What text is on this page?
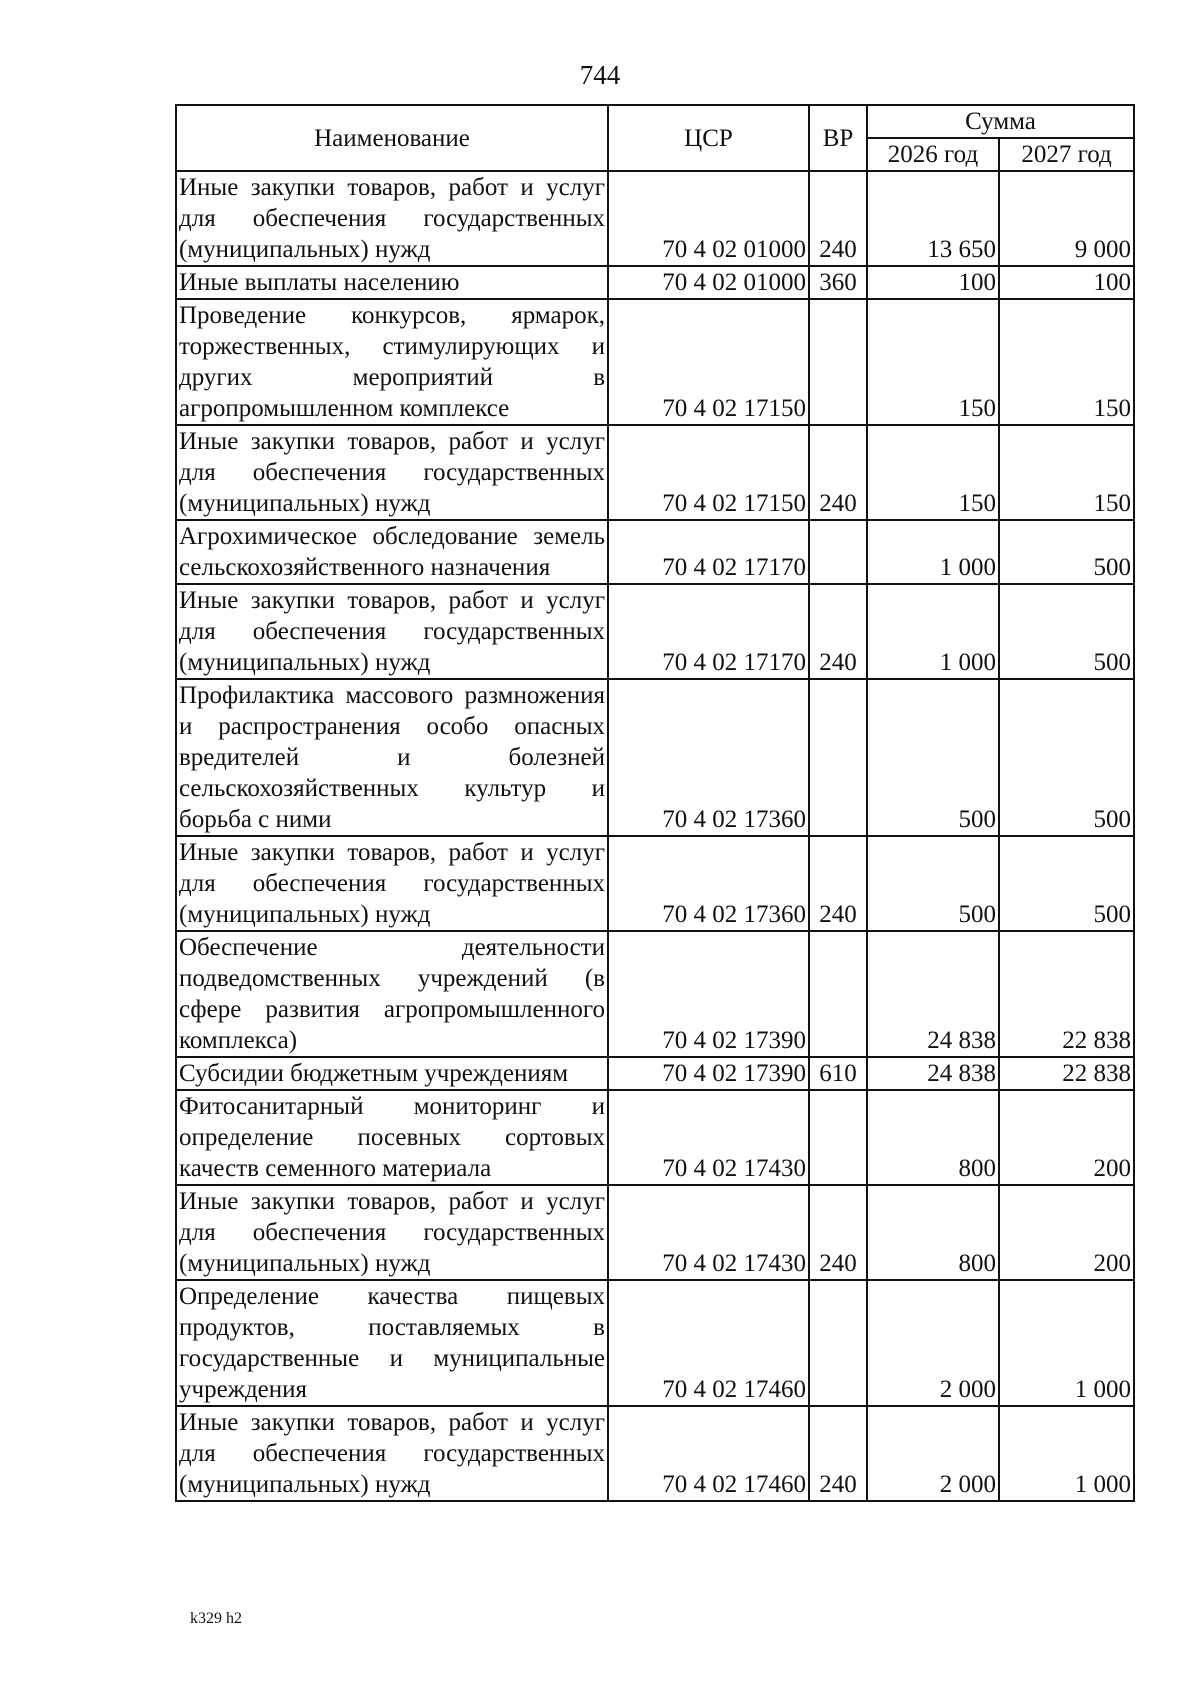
744
Наименование	ЦСР	ВР	Сумма	
			2026 год	2027 год
Иные закупки товаров, работ и услуг для обеспечения государственных (муниципальных) нужд	70 4 02 01000	240	13 650	9 000
Иные выплаты населению	70 4 02 01000	360	100	100
Проведение конкурсов, ярмарок, торжественных, стимулирующих и других мероприятий в агропромышленном комплексе	70 4 02 17150		150	150
Иные закупки товаров, работ и услуг для обеспечения государственных (муниципальных) нужд	70 4 02 17150	240	150	150
Агрохимическое обследование земель сельскохозяйственного назначения	70 4 02 17170		1 000	500
Иные закупки товаров, работ и услуг для обеспечения государственных (муниципальных) нужд	70 4 02 17170	240	1 000	500
Профилактика массового размножения и распространения особо опасных вредителей и болезней сельскохозяйственных культур и борьба с ними	70 4 02 17360		500	500
Иные закупки товаров, работ и услуг для обеспечения государственных (муниципальных) нужд	70 4 02 17360	240	500	500
Обеспечение деятельности подведомственных учреждений (в сфере развития агропромышленного комплекса)	70 4 02 17390		24 838	22 838
Субсидии бюджетным учреждениям	70 4 02 17390	610	24 838	22 838
Фитосанитарный мониторинг и определение посевных сортовых качеств семенного материала	70 4 02 17430		800	200
Иные закупки товаров, работ и услуг для обеспечения государственных (муниципальных) нужд	70 4 02 17430	240	800	200
Определение качества пищевых продуктов, поставляемых в государственные и муниципальные учреждения	70 4 02 17460		2 000	1 000
Иные закупки товаров, работ и услуг для обеспечения государственных (муниципальных) нужд	70 4 02 17460	240	2 000	1 000
k329 h2
